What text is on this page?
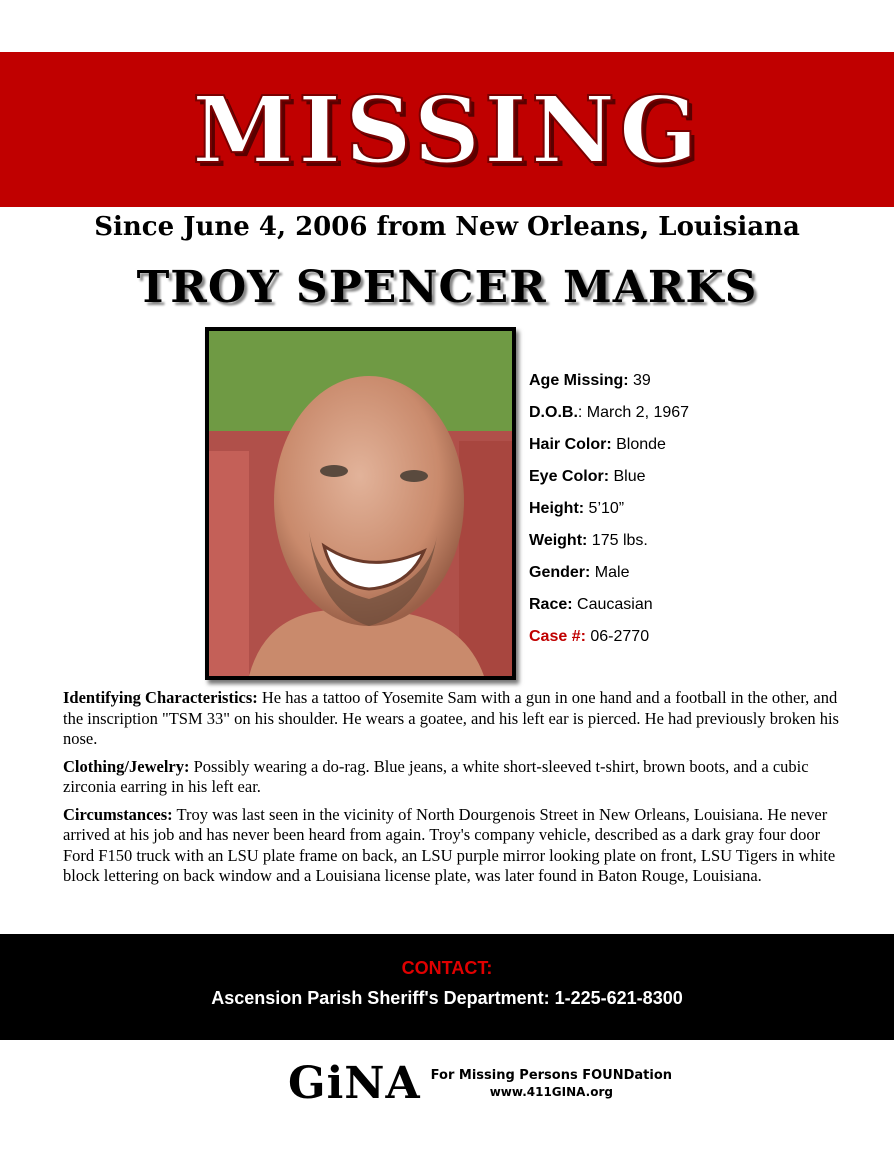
MISSING
Since June 4, 2006 from New Orleans, Louisiana
TROY SPENCER MARKS
Age Missing: 39
D.O.B.: March 2, 1967
Hair Color: Blonde
Eye Color: Blue
Height: 5’10”
Weight: 175 lbs.
Gender: Male
Race: Caucasian
Case #: 06-2770

Identifying Characteristics: He has a tattoo of Yosemite Sam with a gun in one hand and a football in the other, and the inscription "TSM 33" on his shoulder. He wears a goatee, and his left ear is pierced. He had previously broken his nose.

Clothing/Jewelry: Possibly wearing a do-rag. Blue jeans, a white short-sleeved t-shirt, brown boots, and a cubic zirconia earring in his left ear.

Circumstances: Troy was last seen in the vicinity of North Dourgenois Street in New Orleans, Louisiana. He never arrived at his job and has never been heard from again. Troy's company vehicle, described as a dark gray four door Ford F150 truck with an LSU plate frame on back, an LSU purple mirror looking plate on front, LSU Tigers in white block lettering on back window and a Louisiana license plate, was later found in Baton Rouge, Louisiana.

CONTACT:
Ascension Parish Sheriff's Department: 1-225-621-8300
GiNA For Missing Persons FOUNDation
www.411GINA.org
